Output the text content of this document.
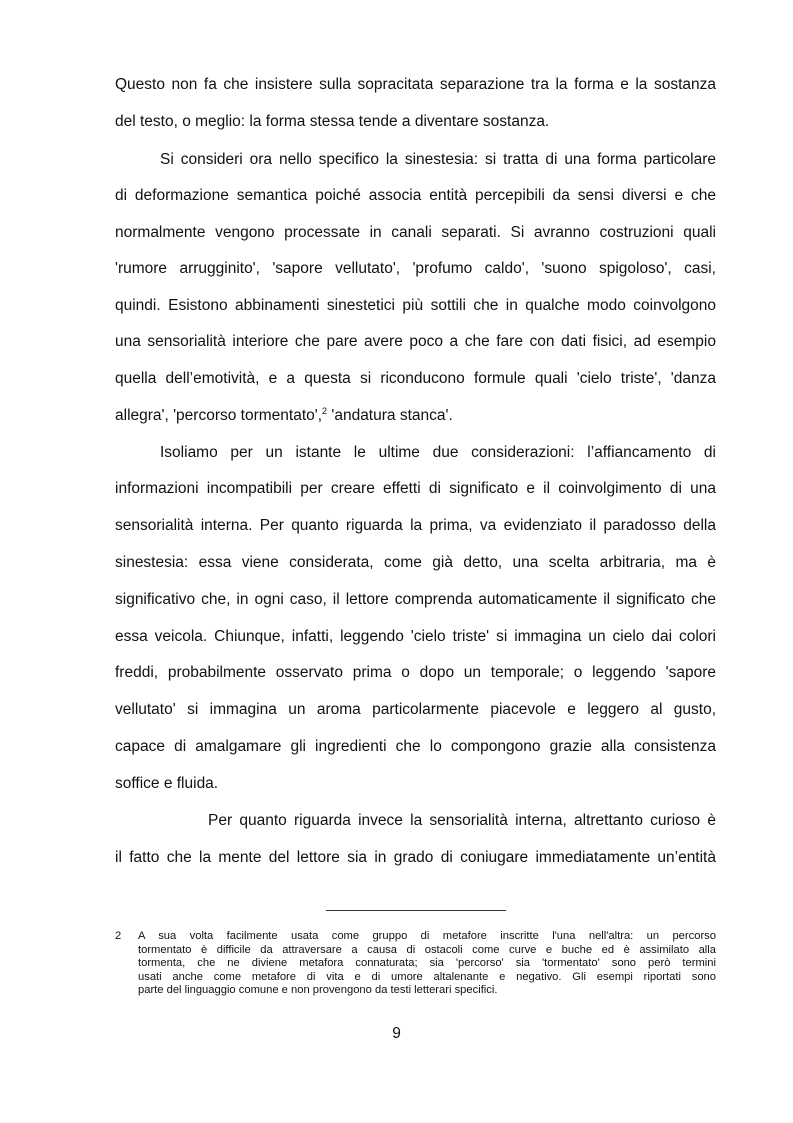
Questo non fa che insistere sulla sopracitata separazione tra la forma e la sostanza
del testo, o meglio: la forma stessa tende a diventare sostanza.
Si consideri ora nello specifico la sinestesia: si tratta di una forma particolare
di deformazione semantica poiché associa entità percepibili da sensi diversi e che
normalmente vengono processate in canali separati. Si avranno costruzioni quali
'rumore arrugginito', 'sapore vellutato', 'profumo caldo', 'suono spigoloso', casi,
quindi. Esistono abbinamenti sinestetici più sottili che in qualche modo coinvolgono
una sensorialità interiore che pare avere poco a che fare con dati fisici, ad esempio
quella dell’emotività, e a questa si riconducono formule quali 'cielo triste', 'danza
allegra', 'percorso tormentato',$^2$ 'andatura stanca'.
Isoliamo per un istante le ultime due considerazioni: l’affiancamento di
informazioni incompatibili per creare effetti di significato e il coinvolgimento di una
sensorialità interna. Per quanto riguarda la prima, va evidenziato il paradosso della
sinestesia: essa viene considerata, come già detto, una scelta arbitraria, ma è
significativo che, in ogni caso, il lettore comprenda automaticamente il significato che
essa veicola. Chiunque, infatti, leggendo 'cielo triste' si immagina un cielo dai colori
freddi, probabilmente osservato prima o dopo un temporale; o leggendo 'sapore
vellutato' si immagina un aroma particolarmente piacevole e leggero al gusto,
capace di amalgamare gli ingredienti che lo compongono grazie alla consistenza
soffice e fluida.
Per quanto riguarda invece la sensorialità interna, altrettanto curioso è
il fatto che la mente del lettore sia in grado di coniugare immediatamente un’entità
2 A sua volta facilmente usata come gruppo di metafore inscritte l'una nell'altra: un percorso
tormentato è difficile da attraversare a causa di ostacoli come curve e buche ed è assimilato alla
tormenta, che ne diviene metafora connaturata; sia 'percorso' sia 'tormentato' sono però termini
usati anche come metafore di vita e di umore altalenante e negativo. Gli esempi riportati sono
parte del linguaggio comune e non provengono da testi letterari specifici.
9
